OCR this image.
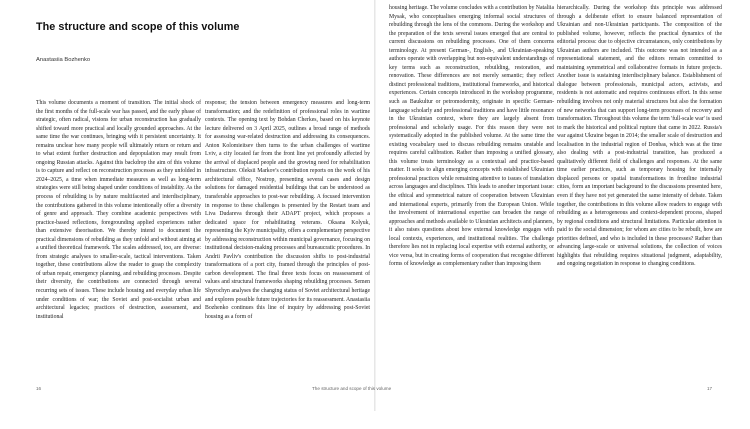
The structure and scope of this volume
Anastasiia Bozhenko

This volume documents a moment of transition. The initial shock of the first months of the full-scale war has passed, and the early phase of strategic, often radical, visions for urban reconstruction has gradually shifted toward more practical and locally grounded approaches. At the same time the war continues, bringing with it persistent uncertainty. It remains unclear how many people will ultimately return or return and to what extent further destruction and depopulation may result from ongoing Russian attacks. Against this backdrop the aim of this volume is to capture and reflect on reconstruction processes as they unfolded in 2024–2025, a time when immediate measures as well as long-term strategies were still being shaped under conditions of instability. As the process of rebuilding is by nature multifaceted and interdisciplinary, the contributions gathered in this volume intentionally offer a diversity of genre and approach. They combine academic perspectives with practice-based reflections, foregrounding applied experiences rather than extensive theorisation. We thereby intend to document the practical dimensions of rebuilding as they unfold and without aiming at a unified theoretical framework. The scales addressed, too, are diverse: from strategic analyses to smaller-scale, tactical interventions. Taken together, these contributions allow the reader to grasp the complexity of urban repair, emergency planning, and rebuilding processes. Despite their diversity, the contributions are connected through several recurring sets of issues. These include housing and everyday urban life under conditions of war; the Soviet and post-socialist urban and architectural legacies; practices of destruction, assessment, and institutional

response; the tension between emergency measures and long-term transformation; and the redefinition of professional roles in wartime contexts. The opening text by Bohdan Cherkes, based on his keynote lecture delivered on 3 April 2025, outlines a broad range of methods for assessing war-related destruction and addressing its consequences. Anton Kolomieitsev then turns to the urban challenges of wartime Lviv, a city located far from the front line yet profoundly affected by the arrival of displaced people and the growing need for rehabilitation infrastructure. Oleksii Markov's contribution reports on the work of his architectural office, Nostrop, presenting several cases and design solutions for damaged residential buildings that can be understood as transferable approaches to post-war rebuilding. A focused intervention in response to these challenges is presented by the Restart team and Liva Dudareva through their ADAPT project, which proposes a dedicated space for rehabilitating veterans. Oksana Kolyuk, representing the Kyiv municipality, offers a complementary perspective by addressing reconstruction within municipal governance, focusing on institutional decision-making processes and bureaucratic procedures. In Andrii Pavliv's contribution the discussion shifts to post-industrial transformations of a port city, framed through the principles of post-carbon development. The final three texts focus on reassessment of values and structural frameworks shaping rebuilding processes. Semen Shyrochyn analyses the changing status of Soviet architectural heritage and explores possible future trajectories for its reassessment. Anastasiia Bozhenko continues this line of inquiry by addressing post-Soviet housing as a form of

housing heritage. The volume concludes with a contribution by Nataliia Mysak, who conceptualises emerging informal social structures of rebuilding through the lens of the commons. During the workshop and the preparation of the texts several issues emerged that are central to current discussions on rebuilding processes. One of them concerns terminology. At present German-, English-, and Ukrainian-speaking authors operate with overlapping but non-equivalent understandings of key terms such as reconstruction, rebuilding, restoration, and renovation. These differences are not merely semantic; they reflect distinct professional traditions, institutional frameworks, and historical experiences. Certain concepts introduced in the workshop programme, such as Baukultur or petromodernity, originate in specific German-language scholarly and professional traditions and have little resonance in the Ukrainian context, where they are largely absent from professional and scholarly usage. For this reason they were not systematically adopted in the published volume. At the same time the existing vocabulary used to discuss rebuilding remains unstable and requires careful calibration. Rather than imposing a unified glossary, this volume treats terminology as a contextual and practice-based matter. It seeks to align emerging concepts with established Ukrainian professional practices while remaining attentive to issues of translation across languages and disciplines. This leads to another important issue: the ethical and symmetrical nature of cooperation between Ukrainian and international experts, primarily from the European Union. While the involvement of international expertise can broaden the range of approaches and methods available to Ukrainian architects and planners, it also raises questions about how external knowledge engages with local contexts, experiences, and institutional realities. The challenge therefore lies not in replacing local expertise with external authority, or vice versa, but in creating forms of cooperation that recognise different forms of knowledge as complementary rather than imposing them

hierarchically. During the workshop this principle was addressed through a deliberate effort to ensure balanced representation of Ukrainian and non-Ukrainian participants. The composition of the published volume, however, reflects the practical dynamics of the editorial process: due to objective circumstances, only contributions by Ukrainian authors are included. This outcome was not intended as a representational statement, and the editors remain committed to maintaining symmetrical and collaborative formats in future projects. Another issue is sustaining interdisciplinary balance. Establishment of dialogue between professionals, municipal actors, activists, and residents is not automatic and requires continuous effort. In this sense rebuilding involves not only material structures but also the formation of new networks that can support long-term processes of recovery and transformation. Throughout this volume the term 'full-scale war' is used to mark the historical and political rupture that came in 2022. Russia's war against Ukraine began in 2014; the smaller scale of destruction and localisation in the industrial region of Donbas, which was at the time also dealing with a post-industrial transition, has produced a qualitatively different field of challenges and responses. At the same time earlier practices, such as temporary housing for internally displaced persons or spatial transformations in frontline industrial cities, form an important background to the discussions presented here, even if they have not yet generated the same intensity of debate. Taken together, the contributions in this volume allow readers to engage with rebuilding as a heterogeneous and context-dependent process, shaped by regional conditions and structural limitations. Particular attention is paid to the social dimension; for whom are cities to be rebuilt, how are priorities defined, and who is included in these processes? Rather than advancing large-scale or universal solutions, the collection of voices highlights that rebuilding requires situational judgment, adaptability, and ongoing negotiation in response to changing conditions.

16	The structure and scope of this volume	17
